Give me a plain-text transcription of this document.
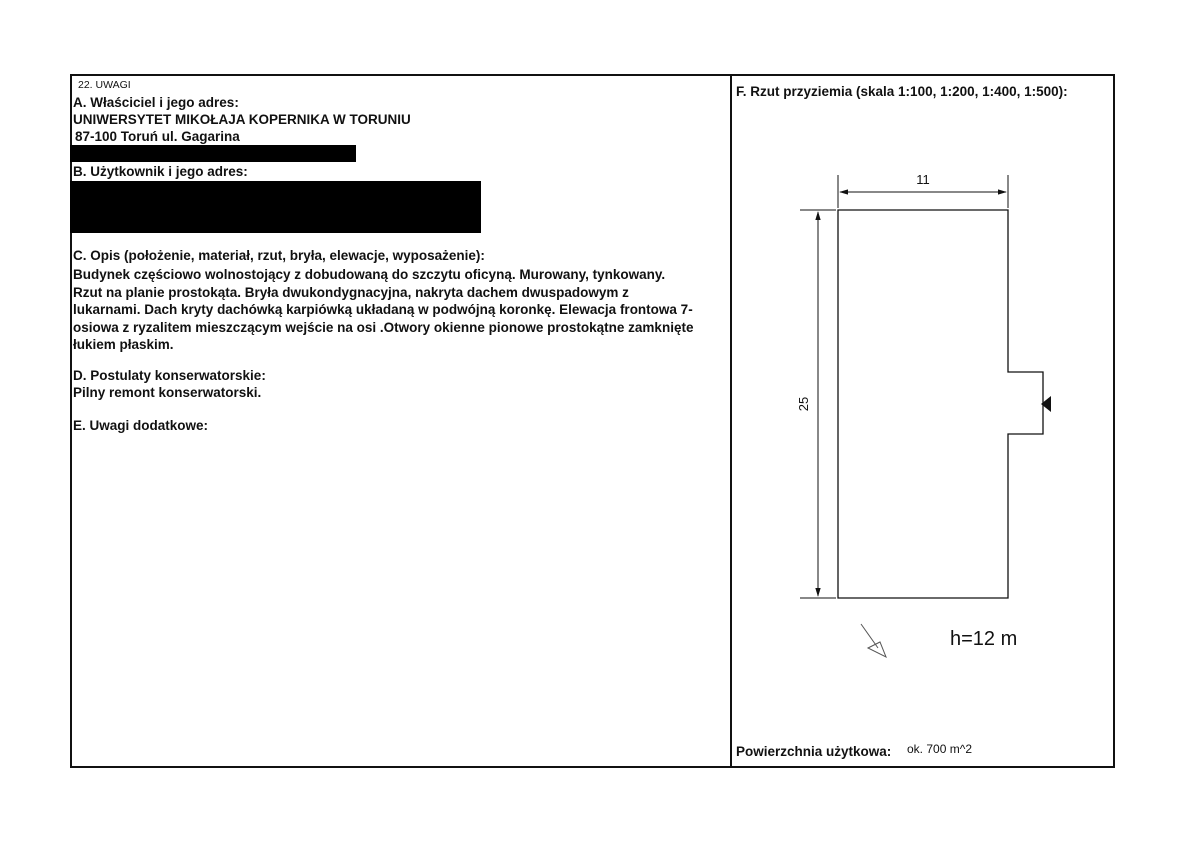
22. UWAGI
A. Właściciel i jego adres:
UNIWERSYTET MIKOŁAJA KOPERNIKA W TORUNIU
87-100 Toruń ul. Gagarina
B. Użytkownik i jego adres:
C. Opis (położenie, materiał, rzut, bryła, elewacje, wyposażenie):
Budynek częściowo wolnostojący z dobudowaną do szczytu oficyną. Murowany, tynkowany.
Rzut na planie prostokąta. Bryła dwukondygnacyjna, nakryta dachem dwuspadowym z
lukarnami. Dach kryty dachówką karpiówką układaną w podwójną koronkę. Elewacja frontowa 7-
osiowa z ryzalitem mieszczącym wejście na osi .Otwory okienne pionowe prostokątne zamknięte
łukiem płaskim.
D. Postulaty konserwatorskie:
Pilny remont konserwatorski.
E. Uwagi dodatkowe:
F. Rzut przyziemia (skala 1:100, 1:200, 1:400, 1:500):
11
25
h=12 m
Powierzchnia użytkowa: ok. 700 m^2
